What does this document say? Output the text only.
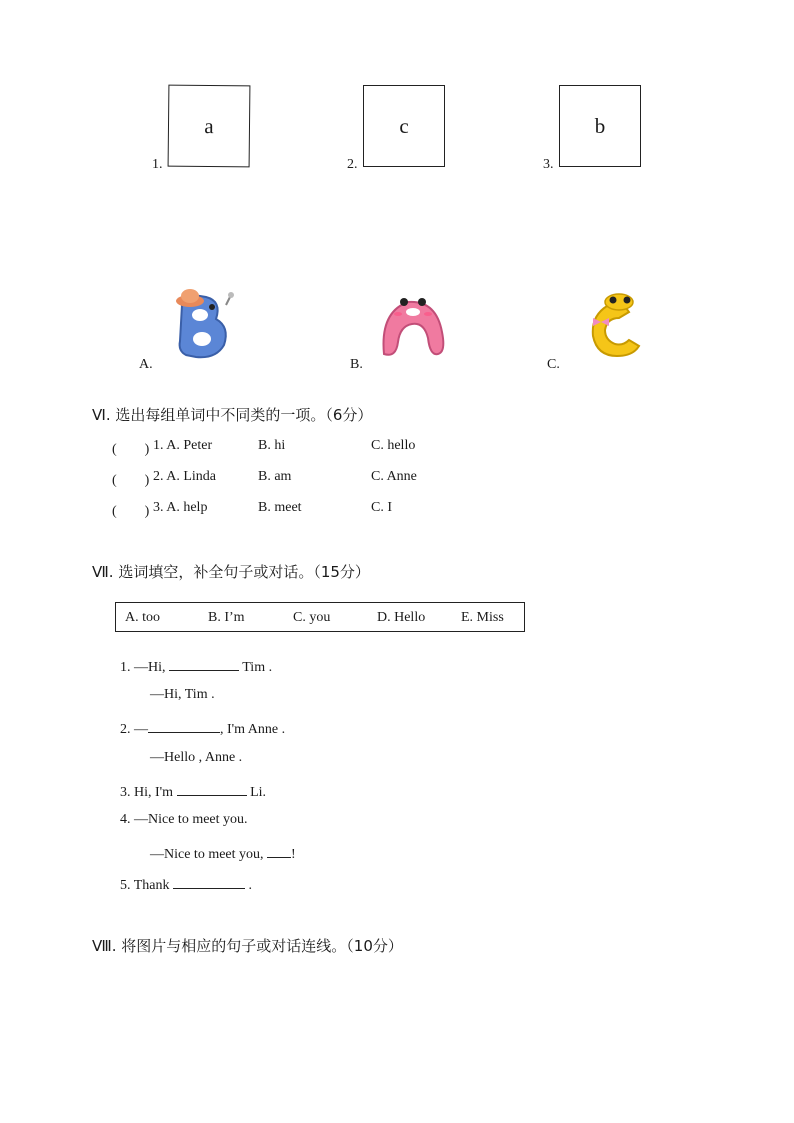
a
1.
c
2.
b
3.
A.	B.	C.
Ⅵ. 选出每组单词中不同类的一项。（6分）
(　　) 1. A. Peter	B. hi	C. hello
(　　) 2. A. Linda	B. am	C. Anne
(　　) 3. A. help	B. meet	C. I
Ⅶ. 选词填空，补全句子或对话。（15分）
A. too	B. I’m	C. you	D. Hello	E. Miss
1. —Hi,	Tim .
—Hi, Tim .
2. —	, I'm Anne .
—Hello , Anne .
3. Hi, I'm	Li.
4. —Nice to meet you.
—Nice to meet you, !
5. Thank	.
Ⅷ. 将图片与相应的句子或对话连线。（10分）
